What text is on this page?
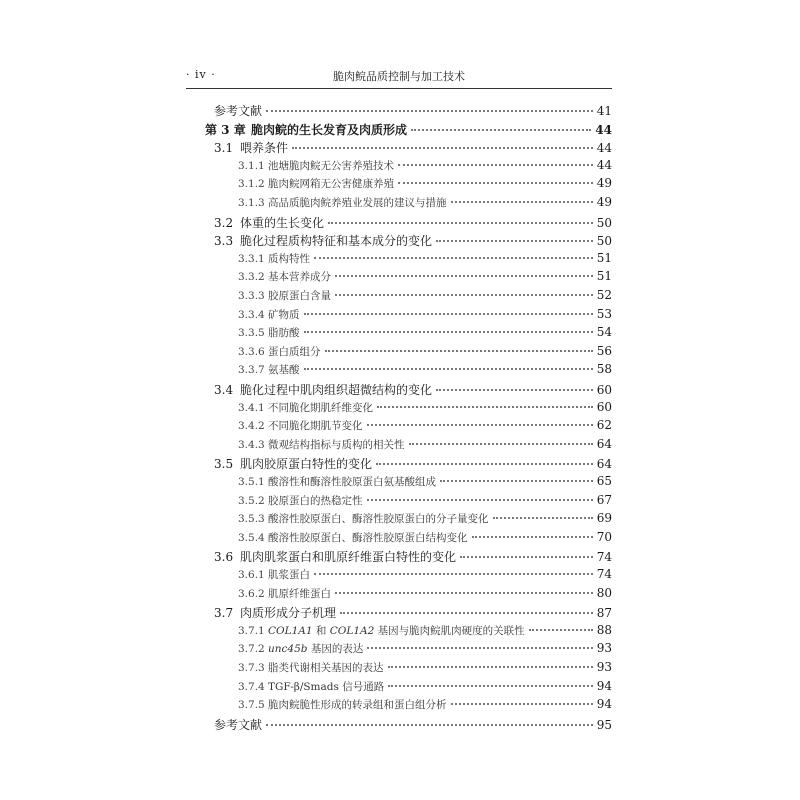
· iv ·	脆肉鲩品质控制与加工技术
参考文献	41
第 3 章 脆肉鲩的生长发育及肉质形成	44
3.1 喂养条件	44
3.1.1 池塘脆肉鲩无公害养殖技术	44
3.1.2 脆肉鲩网箱无公害健康养殖	49
3.1.3 高品质脆肉鲩养殖业发展的建议与措施	49
3.2 体重的生长变化	50
3.3 脆化过程质构特征和基本成分的变化	50
3.3.1 质构特性	51
3.3.2 基本营养成分	51
3.3.3 胶原蛋白含量	52
3.3.4 矿物质	53
3.3.5 脂肪酸	54
3.3.6 蛋白质组分	56
3.3.7 氨基酸	58
3.4 脆化过程中肌肉组织超微结构的变化	60
3.4.1 不同脆化期肌纤维变化	60
3.4.2 不同脆化期肌节变化	62
3.4.3 微观结构指标与质构的相关性	64
3.5 肌肉胶原蛋白特性的变化	64
3.5.1 酸溶性和酶溶性胶原蛋白氨基酸组成	65
3.5.2 胶原蛋白的热稳定性	67
3.5.3 酸溶性胶原蛋白、酶溶性胶原蛋白的分子量变化	69
3.5.4 酸溶性胶原蛋白、酶溶性胶原蛋白结构变化	70
3.6 肌肉肌浆蛋白和肌原纤维蛋白特性的变化	74
3.6.1 肌浆蛋白	74
3.6.2 肌原纤维蛋白	80
3.7 肉质形成分子机理	87
3.7.1 COL1A1 和 COL1A2 基因与脆肉鲩肌肉硬度的关联性	88
3.7.2 unc45b 基因的表达	93
3.7.3 脂类代谢相关基因的表达	93
3.7.4 TGF-β/Smads 信号通路	94
3.7.5 脆肉鲩脆性形成的转录组和蛋白组分析	94
参考文献	95
